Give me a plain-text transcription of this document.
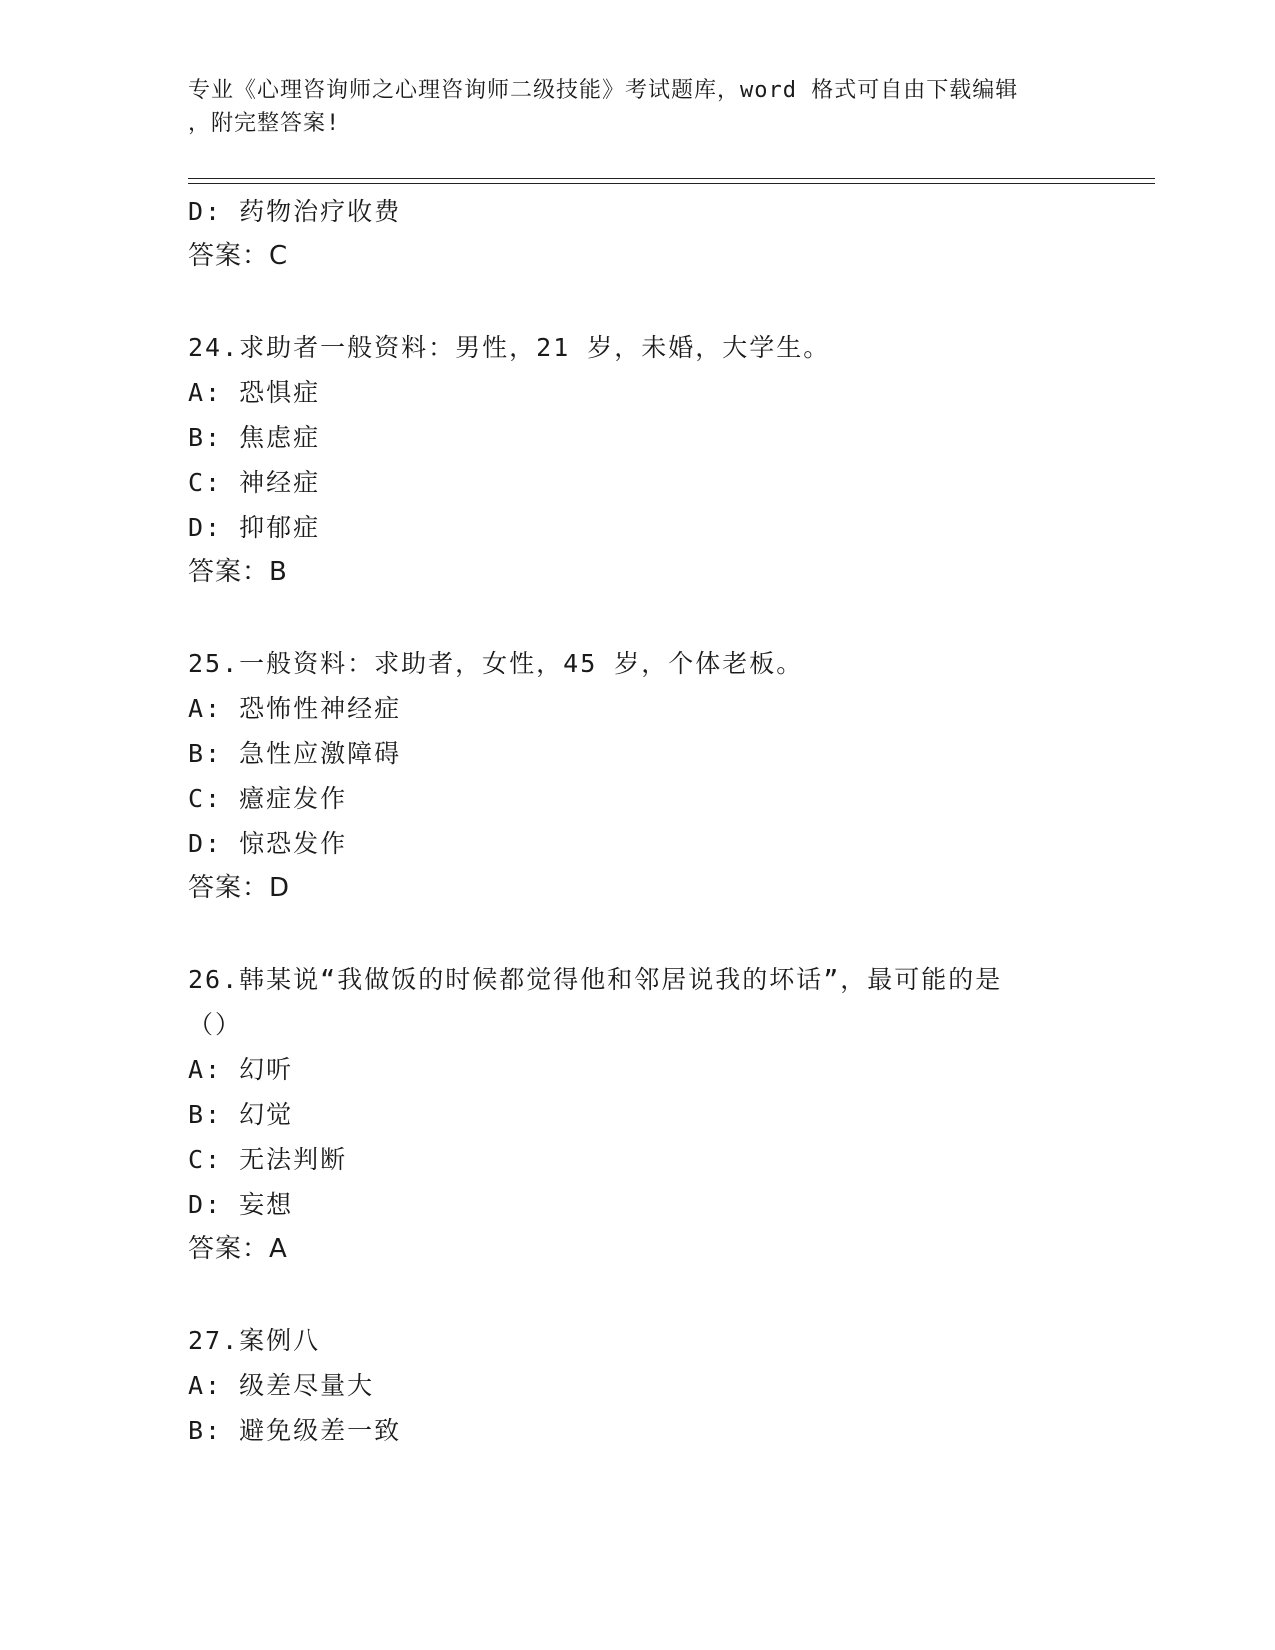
专业《心理咨询师之心理咨询师二级技能》考试题库，word 格式可自由下载编辑
，附完整答案!
D: 药物治疗收费
答案：C
24.求助者一般资料：男性，21 岁，未婚，大学生。
A: 恐惧症
B: 焦虑症
C: 神经症
D: 抑郁症
答案：B
25.一般资料：求助者，女性，45 岁，个体老板。
A: 恐怖性神经症
B: 急性应激障碍
C: 癔症发作
D: 惊恐发作
答案：D
26.韩某说“我做饭的时候都觉得他和邻居说我的坏话”，最可能的是
（）
A: 幻听
B: 幻觉
C: 无法判断
D: 妄想
答案：A
27.案例八
A: 级差尽量大
B: 避免级差一致
